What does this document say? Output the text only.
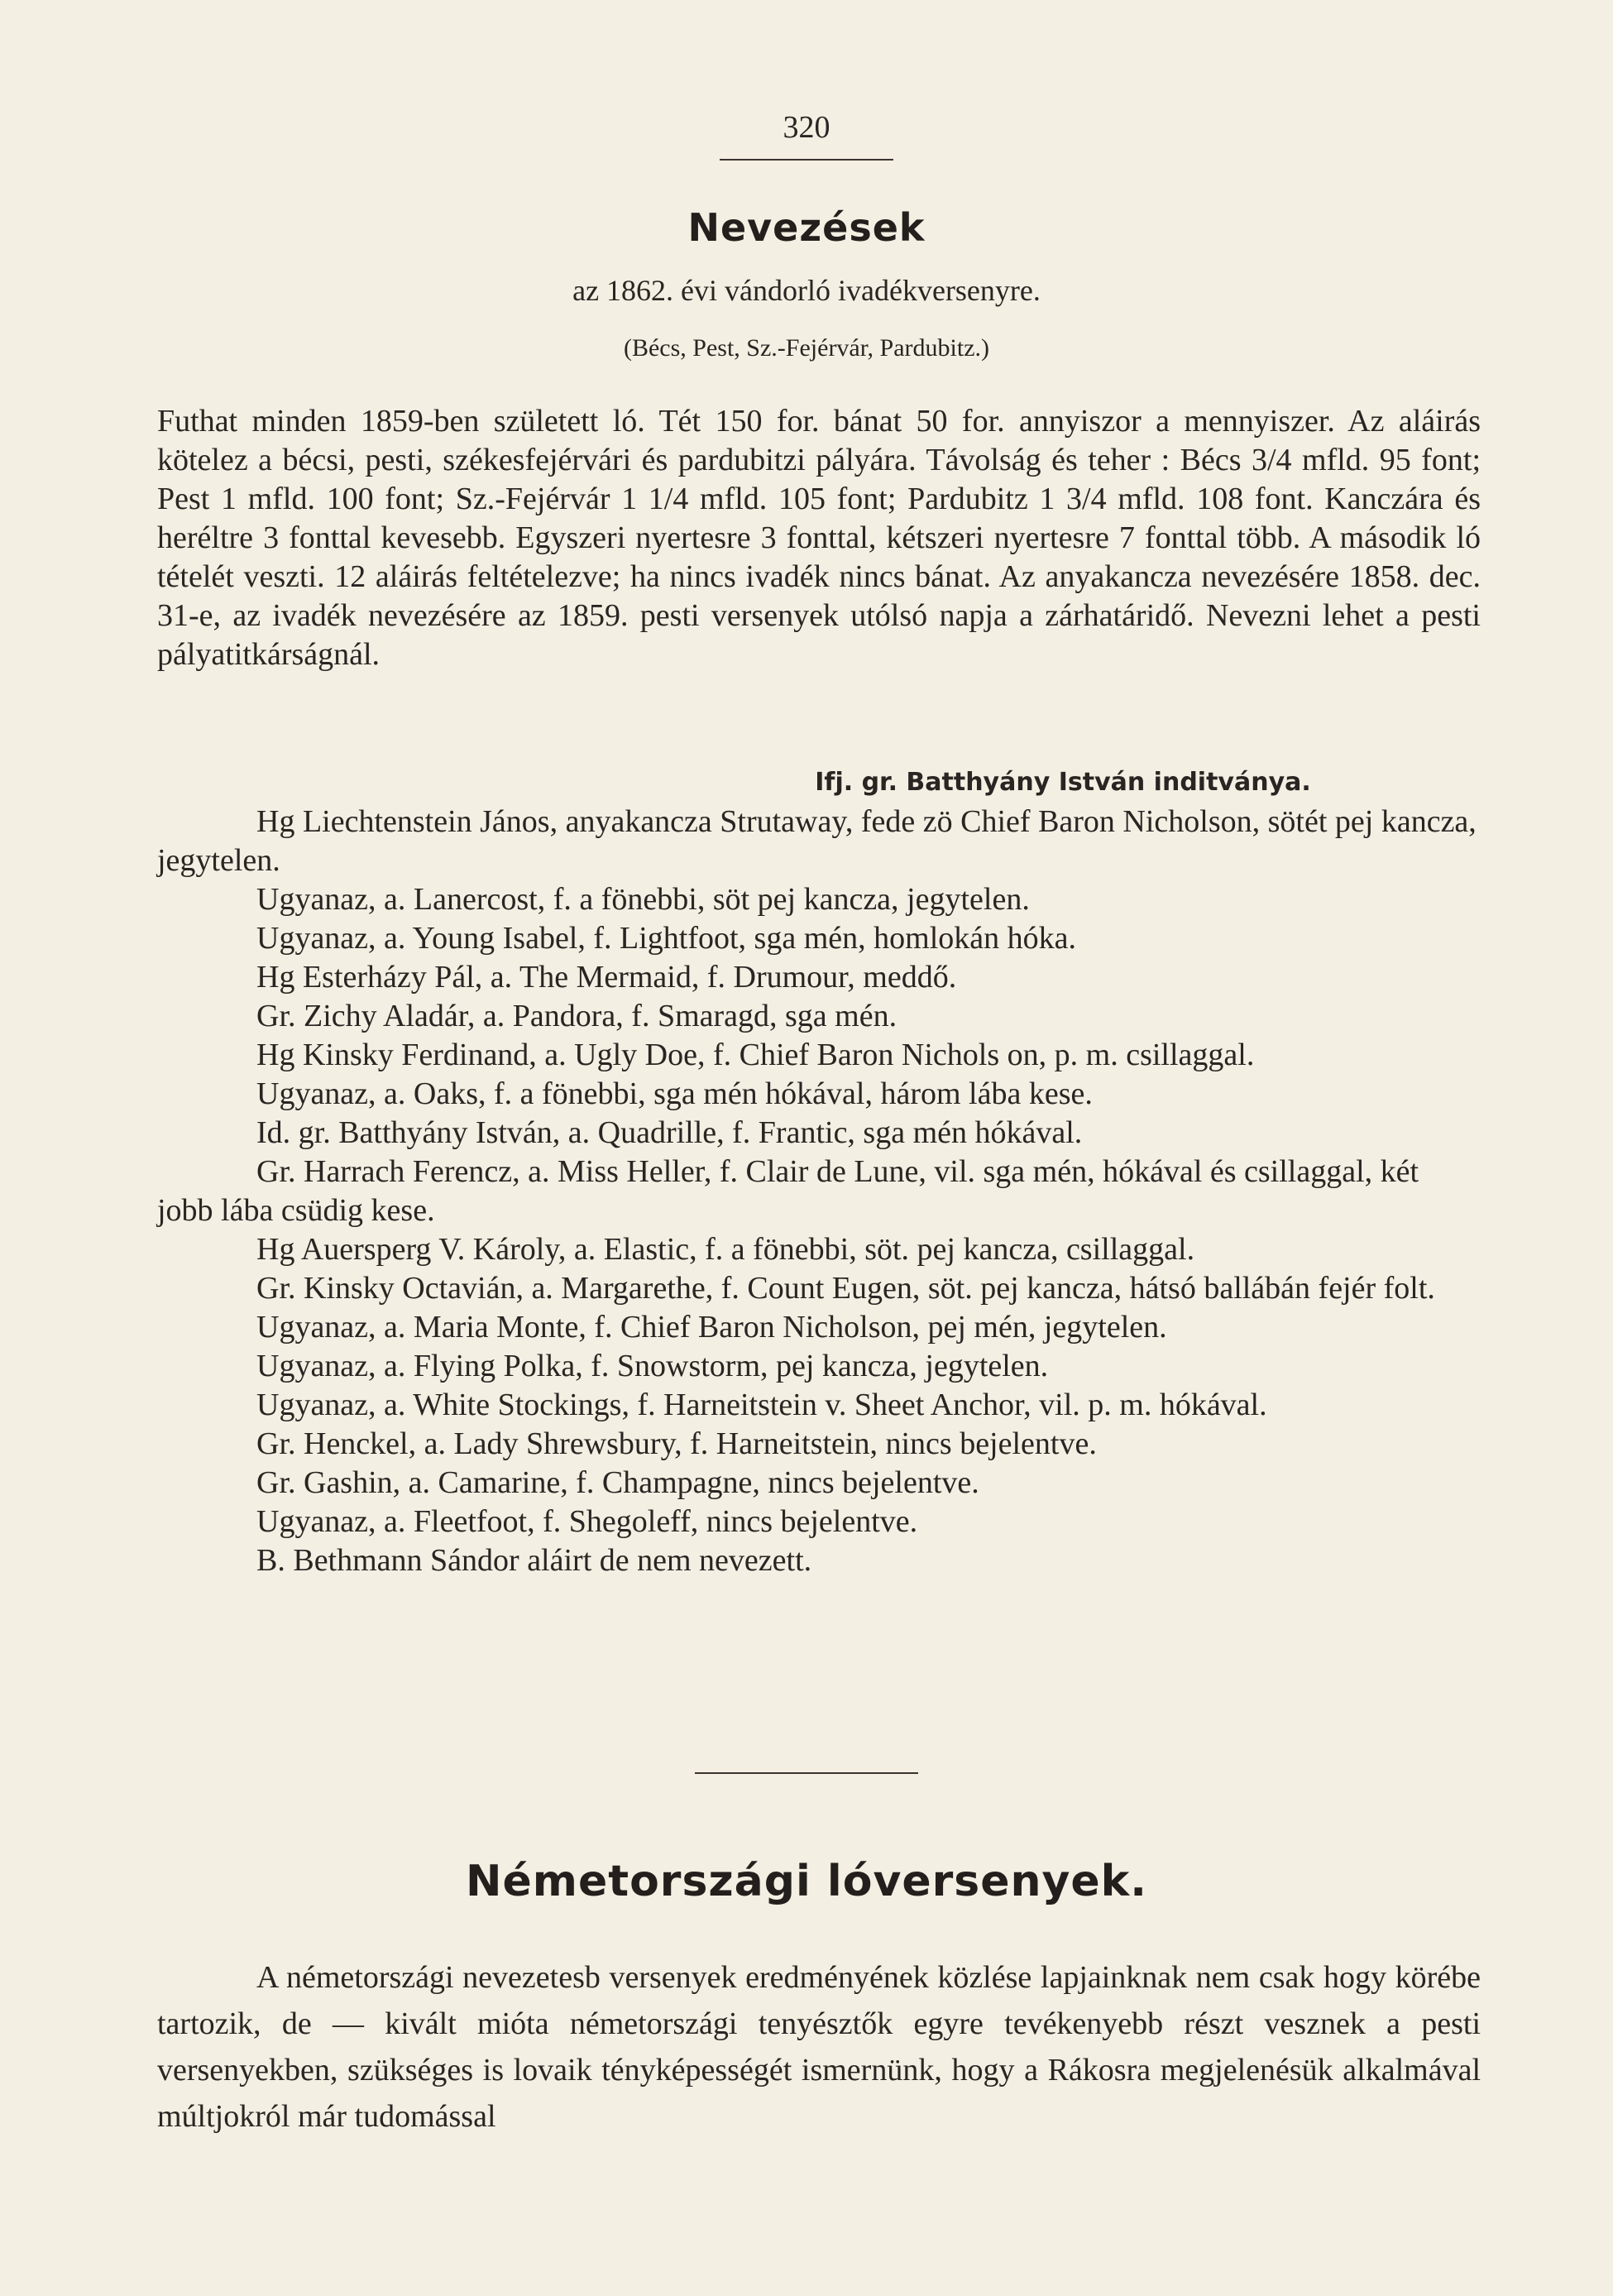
320
Nevezések
az 1862. évi vándorló ivadékversenyre.
(Bécs, Pest, Sz.-Fejérvár, Pardubitz.)

Futhat minden 1859-ben született ló. Tét 150 for. bánat 50 for. annyiszor a mennyiszer. Az aláirás kötelez a bécsi, pesti, székesfejérvári és pardubitzi pályára. Távolság és teher : Bécs 3/4 mfld. 95 font; Pest 1 mfld. 100 font; Sz.-Fejérvár 1 1/4 mfld. 105 font; Pardubitz 1 3/4 mfld. 108 font. Kanczára és heréltre 3 fonttal kevesebb. Egyszeri nyertesre 3 fonttal, kétszeri nyertesre 7 fonttal több. A második ló tételét veszti. 12 aláirás feltételezve; ha nincs ivadék nincs bánat. Az anyakancza nevezésére 1858. dec. 31-e, az ivadék nevezésére az 1859. pesti versenyek utólsó napja a zárhatáridő. Nevezni lehet a pesti pályatitkárságnál.

Ifj. gr. Batthyány István inditványa.

Hg Liechtenstein János, anyakancza Strutaway, fede zö Chief Baron Nicholson, sötét pej kancza, jegytelen.

Ugyanaz, a. Lanercost, f. a fönebbi, söt pej kancza, jegytelen.

Ugyanaz, a. Young Isabel, f. Lightfoot, sga mén, homlokán hóka.

Hg Esterházy Pál, a. The Mermaid, f. Drumour, meddő.

Gr. Zichy Aladár, a. Pandora, f. Smaragd, sga mén.

Hg Kinsky Ferdinand, a. Ugly Doe, f. Chief Baron Nichols on, p. m. csillaggal.

Ugyanaz, a. Oaks, f. a fönebbi, sga mén hókával, három lába kese.

Id. gr. Batthyány István, a. Quadrille, f. Frantic, sga mén hókával.

Gr. Harrach Ferencz, a. Miss Heller, f. Clair de Lune, vil. sga mén, hókával és csillaggal, két jobb lába csüdig kese.

Hg Auersperg V. Károly, a. Elastic, f. a fönebbi, söt. pej kancza, csillaggal.

Gr. Kinsky Octavián, a. Margarethe, f. Count Eugen, söt. pej kancza, hátsó ballábán fejér folt.

Ugyanaz, a. Maria Monte, f. Chief Baron Nicholson, pej mén, jegytelen.

Ugyanaz, a. Flying Polka, f. Snowstorm, pej kancza, jegytelen.

Ugyanaz, a. White Stockings, f. Harneitstein v. Sheet Anchor, vil. p. m. hókával.

Gr. Henckel, a. Lady Shrewsbury, f. Harneitstein, nincs bejelentve.

Gr. Gashin, a. Camarine, f. Champagne, nincs bejelentve.

Ugyanaz, a. Fleetfoot, f. Shegoleff, nincs bejelentve.

B. Bethmann Sándor aláirt de nem nevezett.

Németországi lóversenyek.

A németországi nevezetesb versenyek eredményének közlése lapjainknak nem csak hogy körébe tartozik, de — kivált mióta németországi tenyésztők egyre tevékenyebb részt vesznek a pesti versenyekben, szükséges is lovaik tényképességét ismernünk, hogy a Rákosra megjelenésük alkalmával múltjokról már tudomással
